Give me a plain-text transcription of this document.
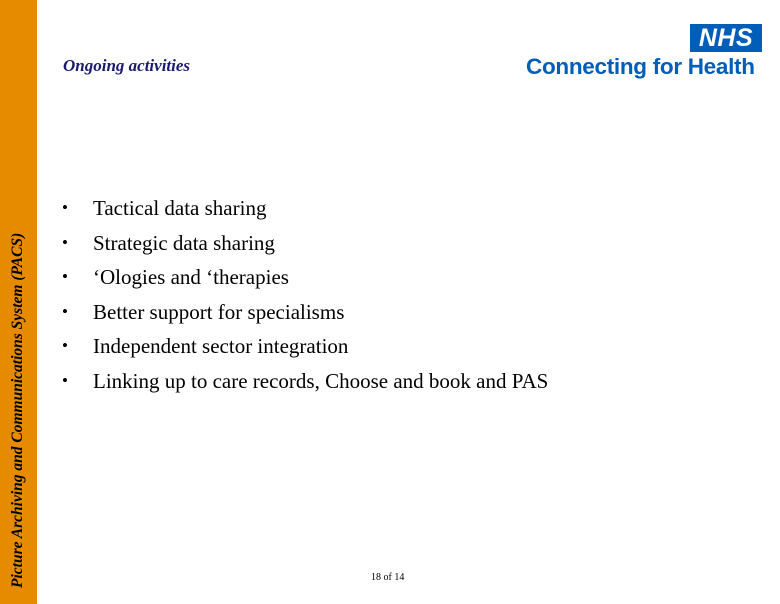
Picture Archiving and Communications System (PACS)
Ongoing activities
NHS
Connecting for Health
•	Tactical data sharing
•	Strategic data sharing
•	‘Ologies and ‘therapies
•	Better support for specialisms
•	Independent sector integration
•	Linking up to care records, Choose and book and PAS
18 of 14
